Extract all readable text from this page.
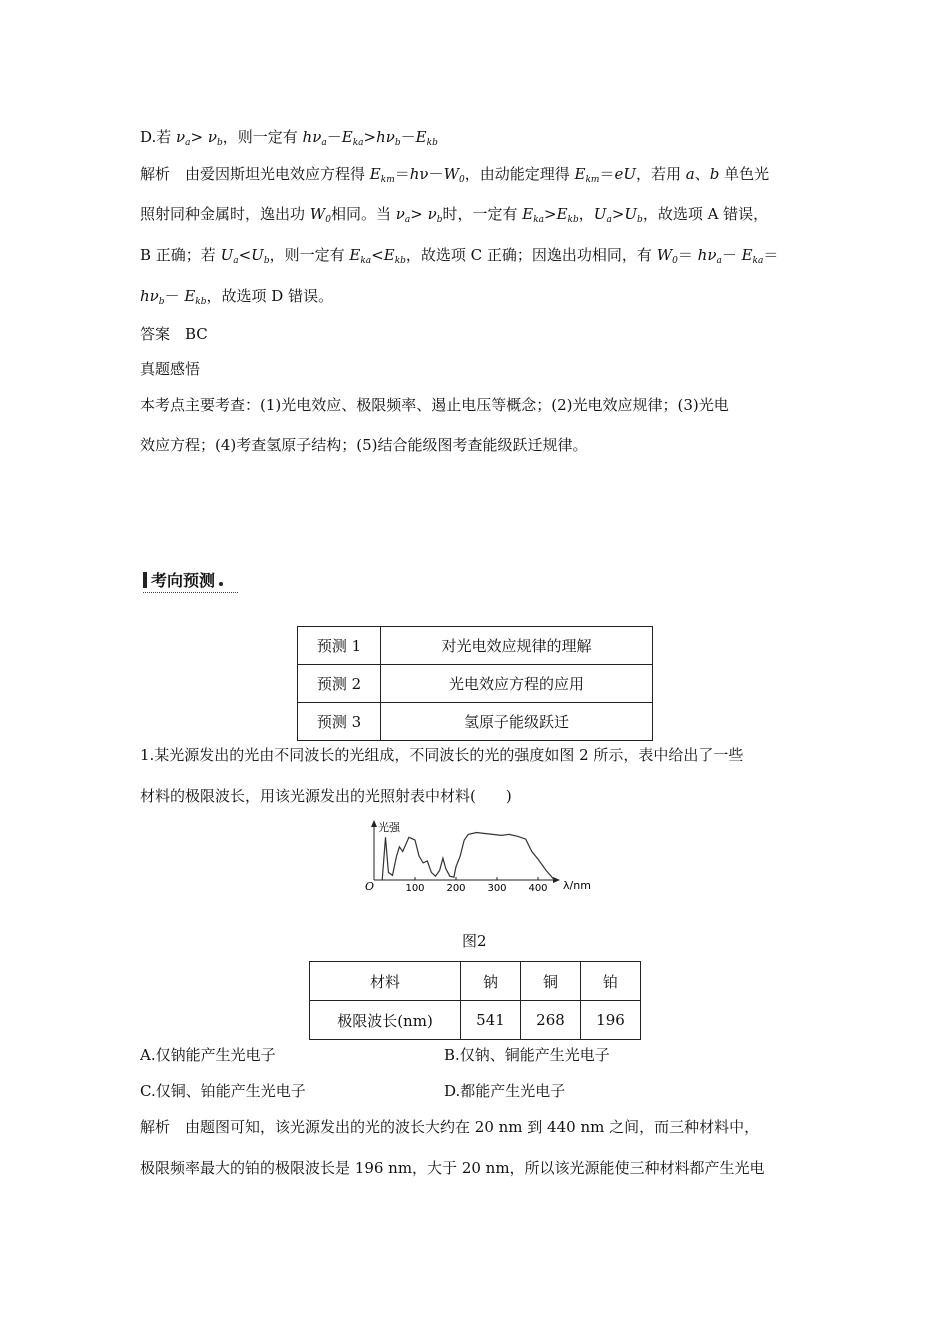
D.若 $\nu_a> \nu_b$，则一定有 $h\nu_a-E_{ka}>h\nu_b-E_{kb}$
解析　由爱因斯坦光电效应方程得 $E_{km}=h\nu-W_0$，由动能定理得 $E_{km}=eU$，若用 a、b 单色光
照射同种金属时，逸出功 $W_0$相同。当 $\nu_a> \nu_b$时，一定有 $E_{ka}>E_{kb}$，$U_a>U_b$，故选项 A 错误，
B 正确；若 $U_a<U_b$，则一定有 $E_{ka}<E_{kb}$，故选项 C 正确；因逸出功相同，有 $W_0= h\nu_a- E_{ka}=$
$h\nu_b- E_{kb}$，故选项 D 错误。
答案　BC
真题感悟
本考点主要考查：(1)光电效应、极限频率、遏止电压等概念；(2)光电效应规律；(3)光电
效应方程；(4)考查氢原子结构；(5)结合能级图考查能级跃迁规律。
考向预测
预测 1	对光电效应规律的理解
预测 2	光电效应方程的应用
预测 3	氢原子能级跃迁
1.某光源发出的光由不同波长的光组成，不同波长的光的强度如图 2 所示，表中给出了一些
材料的极限波长，用该光源发出的光照射表中材料(　　)
光强
O	λ/nm
100 200 300 400
图2
材料	钠	铜	铂
极限波长(nm)	541	268	196
A.仅钠能产生光电子	B.仅钠、铜能产生光电子
C.仅铜、铂能产生光电子	D.都能产生光电子
解析　由题图可知，该光源发出的光的波长大约在 20 nm 到 440 nm 之间，而三种材料中，
极限频率最大的铂的极限波长是 196 nm，大于 20 nm，所以该光源能使三种材料都产生光电
